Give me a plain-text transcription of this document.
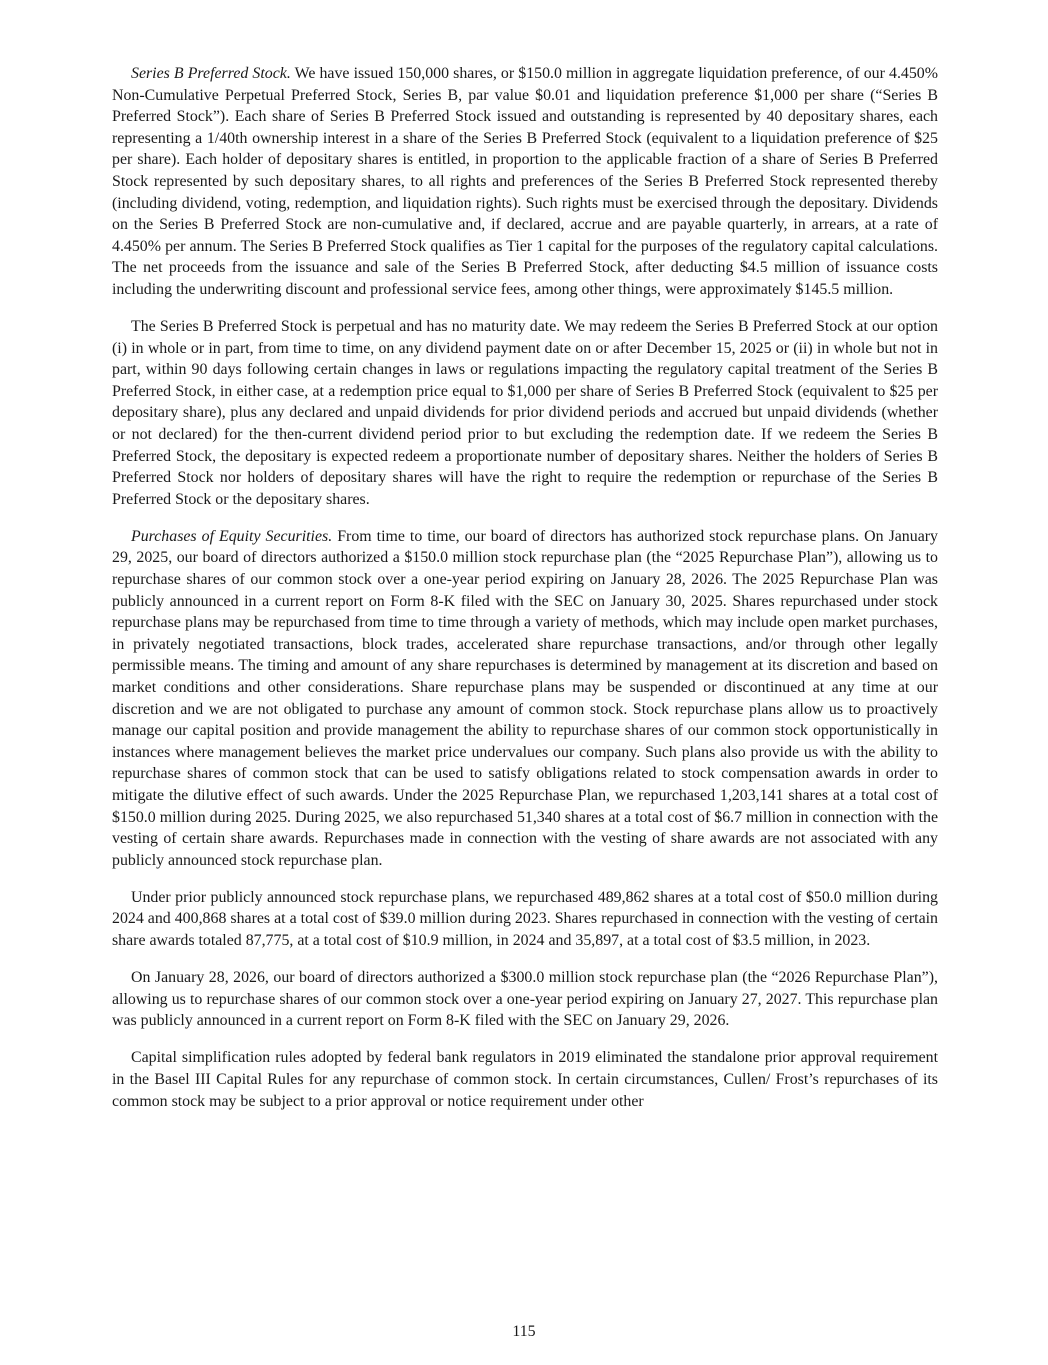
Series B Preferred Stock. We have issued 150,000 shares, or $150.0 million in aggregate liquidation preference, of our 4.450% Non-Cumulative Perpetual Preferred Stock, Series B, par value $0.01 and liquidation preference $1,000 per share (“Series B Preferred Stock”). Each share of Series B Preferred Stock issued and outstanding is represented by 40 depositary shares, each representing a 1/40th ownership interest in a share of the Series B Preferred Stock (equivalent to a liquidation preference of $25 per share). Each holder of depositary shares is entitled, in proportion to the applicable fraction of a share of Series B Preferred Stock represented by such depositary shares, to all rights and preferences of the Series B Preferred Stock represented thereby (including dividend, voting, redemption, and liquidation rights). Such rights must be exercised through the depositary. Dividends on the Series B Preferred Stock are non-cumulative and, if declared, accrue and are payable quarterly, in arrears, at a rate of 4.450% per annum. The Series B Preferred Stock qualifies as Tier 1 capital for the purposes of the regulatory capital calculations. The net proceeds from the issuance and sale of the Series B Preferred Stock, after deducting $4.5 million of issuance costs including the underwriting discount and professional service fees, among other things, were approximately $145.5 million.

The Series B Preferred Stock is perpetual and has no maturity date. We may redeem the Series B Preferred Stock at our option (i) in whole or in part, from time to time, on any dividend payment date on or after December 15, 2025 or (ii) in whole but not in part, within 90 days following certain changes in laws or regulations impacting the regulatory capital treatment of the Series B Preferred Stock, in either case, at a redemption price equal to $1,000 per share of Series B Preferred Stock (equivalent to $25 per depositary share), plus any declared and unpaid dividends for prior dividend periods and accrued but unpaid dividends (whether or not declared) for the then-current dividend period prior to but excluding the redemption date. If we redeem the Series B Preferred Stock, the depositary is expected redeem a proportionate number of depositary shares. Neither the holders of Series B Preferred Stock nor holders of depositary shares will have the right to require the redemption or repurchase of the Series B Preferred Stock or the depositary shares.

Purchases of Equity Securities. From time to time, our board of directors has authorized stock repurchase plans. On January 29, 2025, our board of directors authorized a $150.0 million stock repurchase plan (the “2025 Repurchase Plan”), allowing us to repurchase shares of our common stock over a one-year period expiring on January 28, 2026. The 2025 Repurchase Plan was publicly announced in a current report on Form 8-K filed with the SEC on January 30, 2025. Shares repurchased under stock repurchase plans may be repurchased from time to time through a variety of methods, which may include open market purchases, in privately negotiated transactions, block trades, accelerated share repurchase transactions, and/or through other legally permissible means. The timing and amount of any share repurchases is determined by management at its discretion and based on market conditions and other considerations. Share repurchase plans may be suspended or discontinued at any time at our discretion and we are not obligated to purchase any amount of common stock. Stock repurchase plans allow us to proactively manage our capital position and provide management the ability to repurchase shares of our common stock opportunistically in instances where management believes the market price undervalues our company. Such plans also provide us with the ability to repurchase shares of common stock that can be used to satisfy obligations related to stock compensation awards in order to mitigate the dilutive effect of such awards. Under the 2025 Repurchase Plan, we repurchased 1,203,141 shares at a total cost of $150.0 million during 2025. During 2025, we also repurchased 51,340 shares at a total cost of $6.7 million in connection with the vesting of certain share awards. Repurchases made in connection with the vesting of share awards are not associated with any publicly announced stock repurchase plan.

Under prior publicly announced stock repurchase plans, we repurchased 489,862 shares at a total cost of $50.0 million during 2024 and 400,868 shares at a total cost of $39.0 million during 2023. Shares repurchased in connection with the vesting of certain share awards totaled 87,775, at a total cost of $10.9 million, in 2024 and 35,897, at a total cost of $3.5 million, in 2023.

On January 28, 2026, our board of directors authorized a $300.0 million stock repurchase plan (the “2026 Repurchase Plan”), allowing us to repurchase shares of our common stock over a one-year period expiring on January 27, 2027. This repurchase plan was publicly announced in a current report on Form 8-K filed with the SEC on January 29, 2026.

Capital simplification rules adopted by federal bank regulators in 2019 eliminated the standalone prior approval requirement in the Basel III Capital Rules for any repurchase of common stock. In certain circumstances, Cullen/ Frost’s repurchases of its common stock may be subject to a prior approval or notice requirement under other

115
